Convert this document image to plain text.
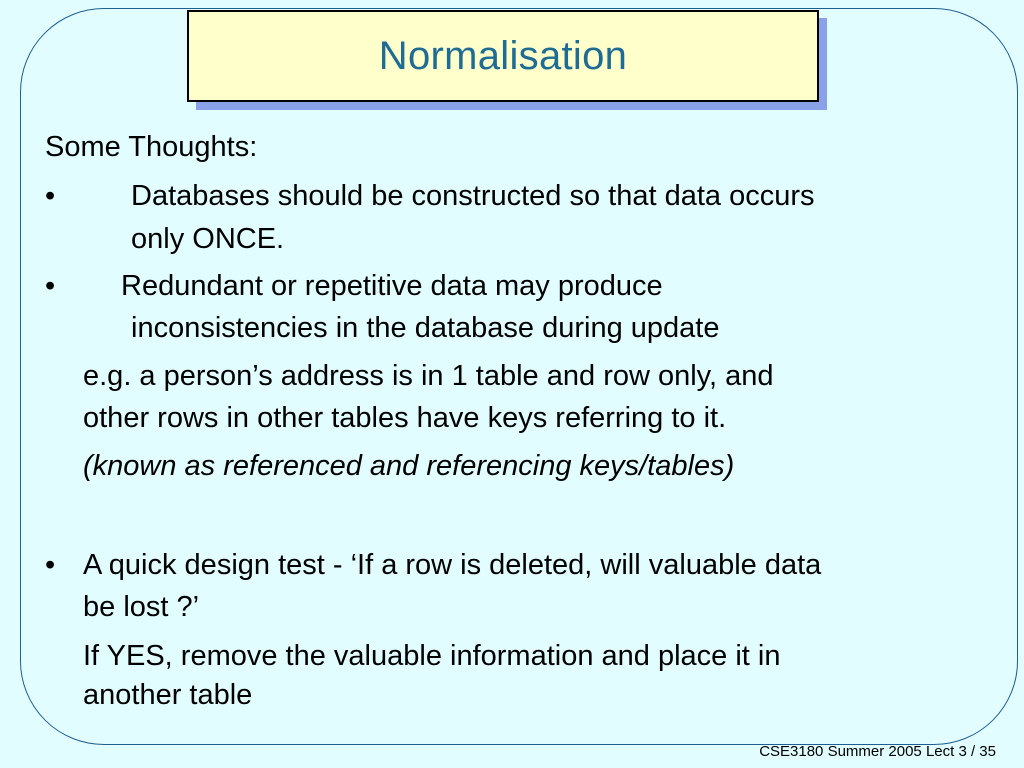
Normalisation
Some Thoughts:
•	Databases should be constructed so that data occurs
only ONCE.
• Redundant or repetitive data may produce
inconsistencies in the database during update
e.g. a person’s address is in 1 table and row only, and
other rows in other tables have keys referring to it.
(known as referenced and referencing keys/tables)
• A quick design test - ‘If a row is deleted, will valuable data
be lost ?’
If YES, remove the valuable information and place it in
another table
CSE3180 Summer 2005 Lect 3 / 35
